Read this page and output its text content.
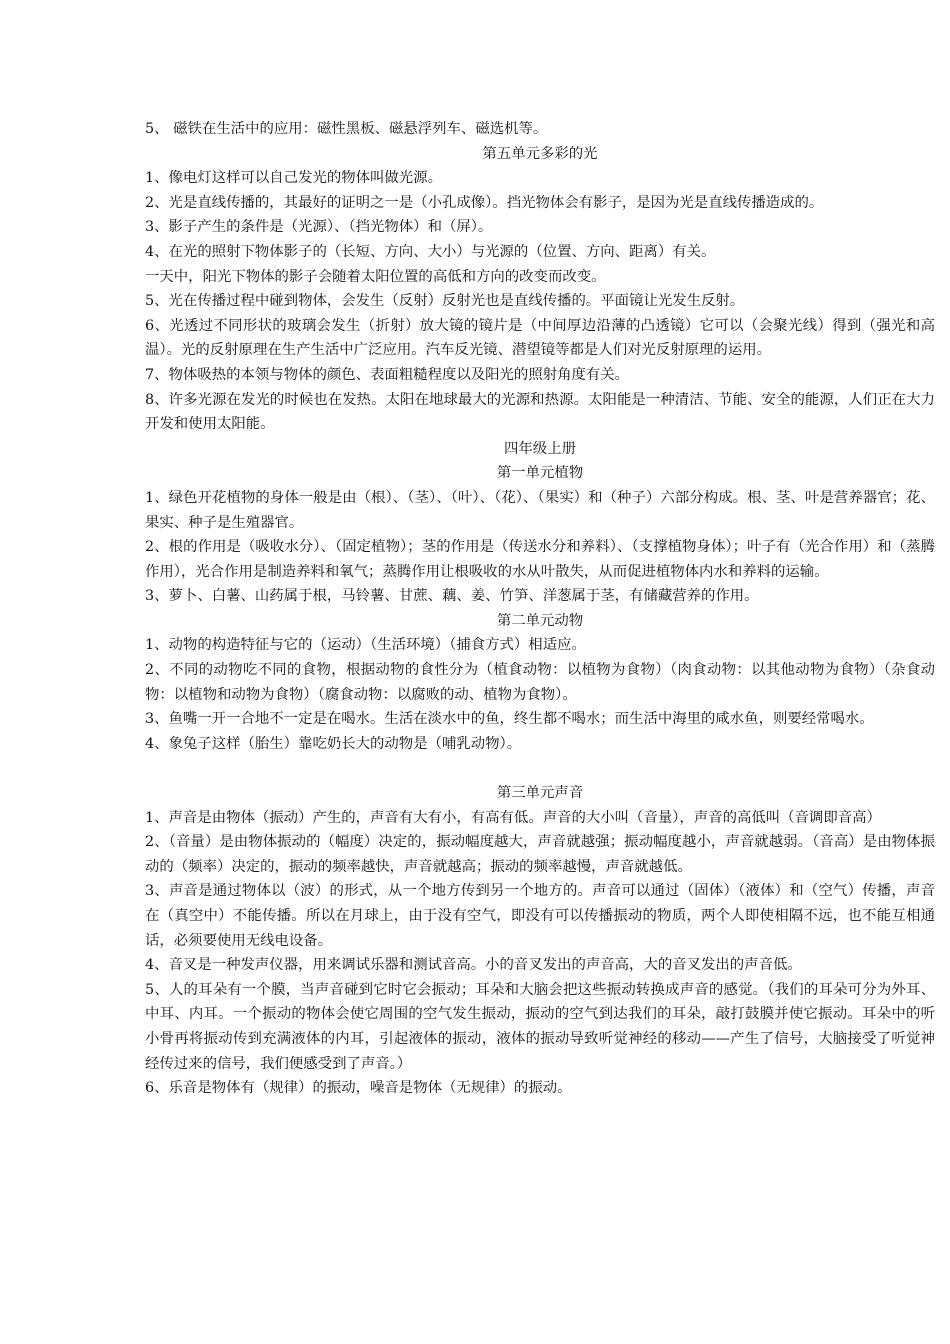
5、 磁铁在生活中的应用：磁性黑板、磁悬浮列车、磁选机等。

第五单元多彩的光

1、像电灯这样可以自己发光的物体叫做光源。

2、光是直线传播的，其最好的证明之一是（小孔成像）。挡光物体会有影子，是因为光是直线传播造成的。

3、影子产生的条件是（光源）、（挡光物体）和（屏）。

4、在光的照射下物体影子的（长短、方向、大小）与光源的（位置、方向、距离）有关。

一天中，阳光下物体的影子会随着太阳位置的高低和方向的改变而改变。

5、光在传播过程中碰到物体，会发生（反射）反射光也是直线传播的。平面镜让光发生反射。

6、光透过不同形状的玻璃会发生（折射）放大镜的镜片是（中间厚边沿薄的凸透镜）它可以（会聚光线）得到（强光和高温）。光的反射原理在生产生活中广泛应用。汽车反光镜、潜望镜等都是人们对光反射原理的运用。

7、物体吸热的本领与物体的颜色、表面粗糙程度以及阳光的照射角度有关。

8、许多光源在发光的时候也在发热。太阳在地球最大的光源和热源。太阳能是一种清洁、节能、安全的能源，人们正在大力开发和使用太阳能。

四年级上册

第一单元植物

1、绿色开花植物的身体一般是由（根）、（茎）、（叶）、（花）、（果实）和（种子）六部分构成。根、茎、叶是营养器官；花、果实、种子是生殖器官。

2、根的作用是（吸收水分）、（固定植物）；茎的作用是（传送水分和养料）、（支撑植物身体）；叶子有（光合作用）和（蒸腾作用），光合作用是制造养料和氧气；蒸腾作用让根吸收的水从叶散失，从而促进植物体内水和养料的运输。

3、萝卜、白薯、山药属于根，马铃薯、甘蔗、藕、姜、竹笋、洋葱属于茎，有储藏营养的作用。

第二单元动物

1、动物的构造特征与它的（运动）（生活环境）（捕食方式）相适应。

2、不同的动物吃不同的食物，根据动物的食性分为（植食动物：以植物为食物）（肉食动物：以其他动物为食物）（杂食动物：以植物和动物为食物）（腐食动物：以腐败的动、植物为食物）。

3、鱼嘴一开一合地不一定是在喝水。生活在淡水中的鱼，终生都不喝水；而生活中海里的咸水鱼，则要经常喝水。

4、象兔子这样（胎生）靠吃奶长大的动物是（哺乳动物）。

第三单元声音

1、声音是由物体（振动）产生的，声音有大有小，有高有低。声音的大小叫（音量），声音的高低叫（音调即音高）

2、（音量）是由物体振动的（幅度）决定的，振动幅度越大，声音就越强；振动幅度越小，声音就越弱。（音高）是由物体振动的（频率）决定的，振动的频率越快，声音就越高；振动的频率越慢，声音就越低。

3、声音是通过物体以（波）的形式，从一个地方传到另一个地方的。声音可以通过（固体）（液体）和（空气）传播，声音在（真空中）不能传播。所以在月球上，由于没有空气，即没有可以传播振动的物质，两个人即使相隔不远，也不能互相通话，必须要使用无线电设备。

4、音叉是一种发声仪器，用来调试乐器和测试音高。小的音叉发出的声音高，大的音叉发出的声音低。

5、人的耳朵有一个膜，当声音碰到它时它会振动；耳朵和大脑会把这些振动转换成声音的感觉。（我们的耳朵可分为外耳、中耳、内耳。一个振动的物体会使它周围的空气发生振动，振动的空气到达我们的耳朵，敲打鼓膜并使它振动。耳朵中的听小骨再将振动传到充满液体的内耳，引起液体的振动，液体的振动导致听觉神经的移动——产生了信号，大脑接受了听觉神经传过来的信号，我们便感受到了声音。）

6、乐音是物体有（规律）的振动，噪音是物体（无规律）的振动。
